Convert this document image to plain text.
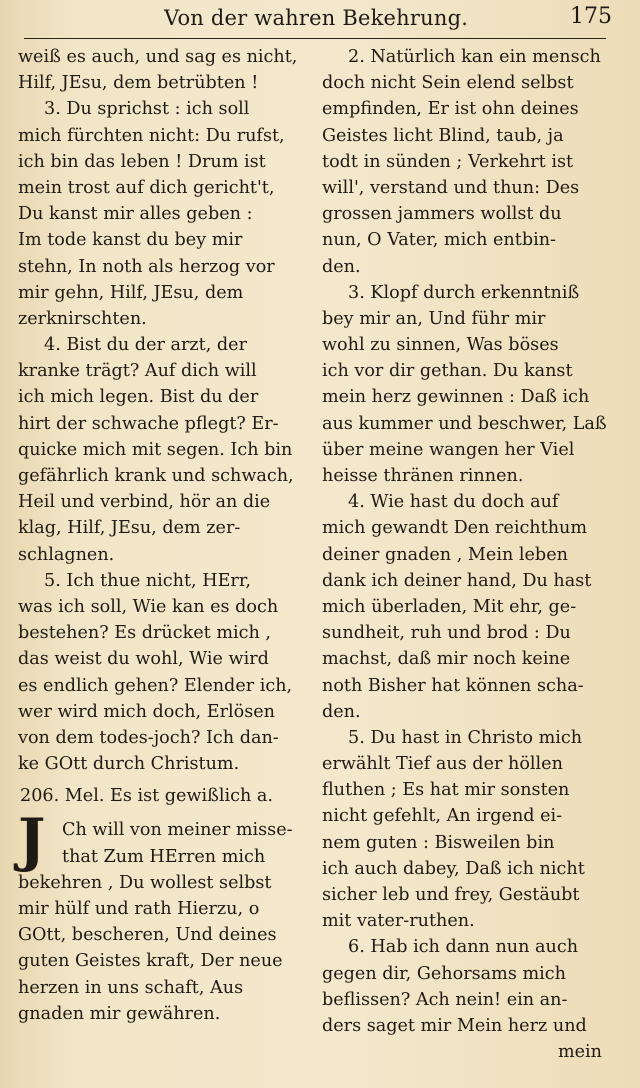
Von der wahren Bekehrung.	175
weiß es auch, und sag es nicht,
Hilf, JEsu, dem betrübten !
3. Du sprichst : ich soll
mich fürchten nicht: Du rufst,
ich bin das leben ! Drum ist
mein trost auf dich gericht't,
Du kanst mir alles geben :
Im tode kanst du bey mir
stehn, In noth als herzog vor
mir gehn, Hilf, JEsu, dem
zerknirschten.
4. Bist du der arzt, der
kranke trägt? Auf dich will
ich mich legen. Bist du der
hirt der schwache pflegt? Er-
quicke mich mit segen. Ich bin
gefährlich krank und schwach,
Heil und verbind, hör an die
klag, Hilf, JEsu, dem zer-
schlagnen.
5. Ich thue nicht, HErr,
was ich soll, Wie kan es doch
bestehen? Es drücket mich ,
das weist du wohl, Wie wird
es endlich gehen? Elender ich,
wer wird mich doch, Erlösen
von dem todes-joch? Ich dan-
ke GOtt durch Christum.
206. Mel. Es ist gewißlich a.
J Ch will von meiner misse-
that Zum HErren mich
bekehren , Du wollest selbst
mir hülf und rath Hierzu, o
GOtt, bescheren, Und deines
guten Geistes kraft, Der neue
herzen in uns schaft, Aus
gnaden mir gewähren.
2. Natürlich kan ein mensch
doch nicht Sein elend selbst
empfinden, Er ist ohn deines
Geistes licht Blind, taub, ja
todt in sünden ; Verkehrt ist
will', verstand und thun: Des
grossen jammers wollst du
nun, O Vater, mich entbin-
den.
3. Klopf durch erkenntniß
bey mir an, Und führ mir
wohl zu sinnen, Was böses
ich vor dir gethan. Du kanst
mein herz gewinnen : Daß ich
aus kummer und beschwer, Laß
über meine wangen her Viel
heisse thränen rinnen.
4. Wie hast du doch auf
mich gewandt Den reichthum
deiner gnaden , Mein leben
dank ich deiner hand, Du hast
mich überladen, Mit ehr, ge-
sundheit, ruh und brod : Du
machst, daß mir noch keine
noth Bisher hat können scha-
den.
5. Du hast in Christo mich
erwählt Tief aus der höllen
fluthen ; Es hat mir sonsten
nicht gefehlt, An irgend ei-
nem guten : Bisweilen bin
ich auch dabey, Daß ich nicht
sicher leb und frey, Gestäubt
mit vater-ruthen.
6. Hab ich dann nun auch
gegen dir, Gehorsams mich
beflissen? Ach nein! ein an-
ders saget mir Mein herz und
mein
